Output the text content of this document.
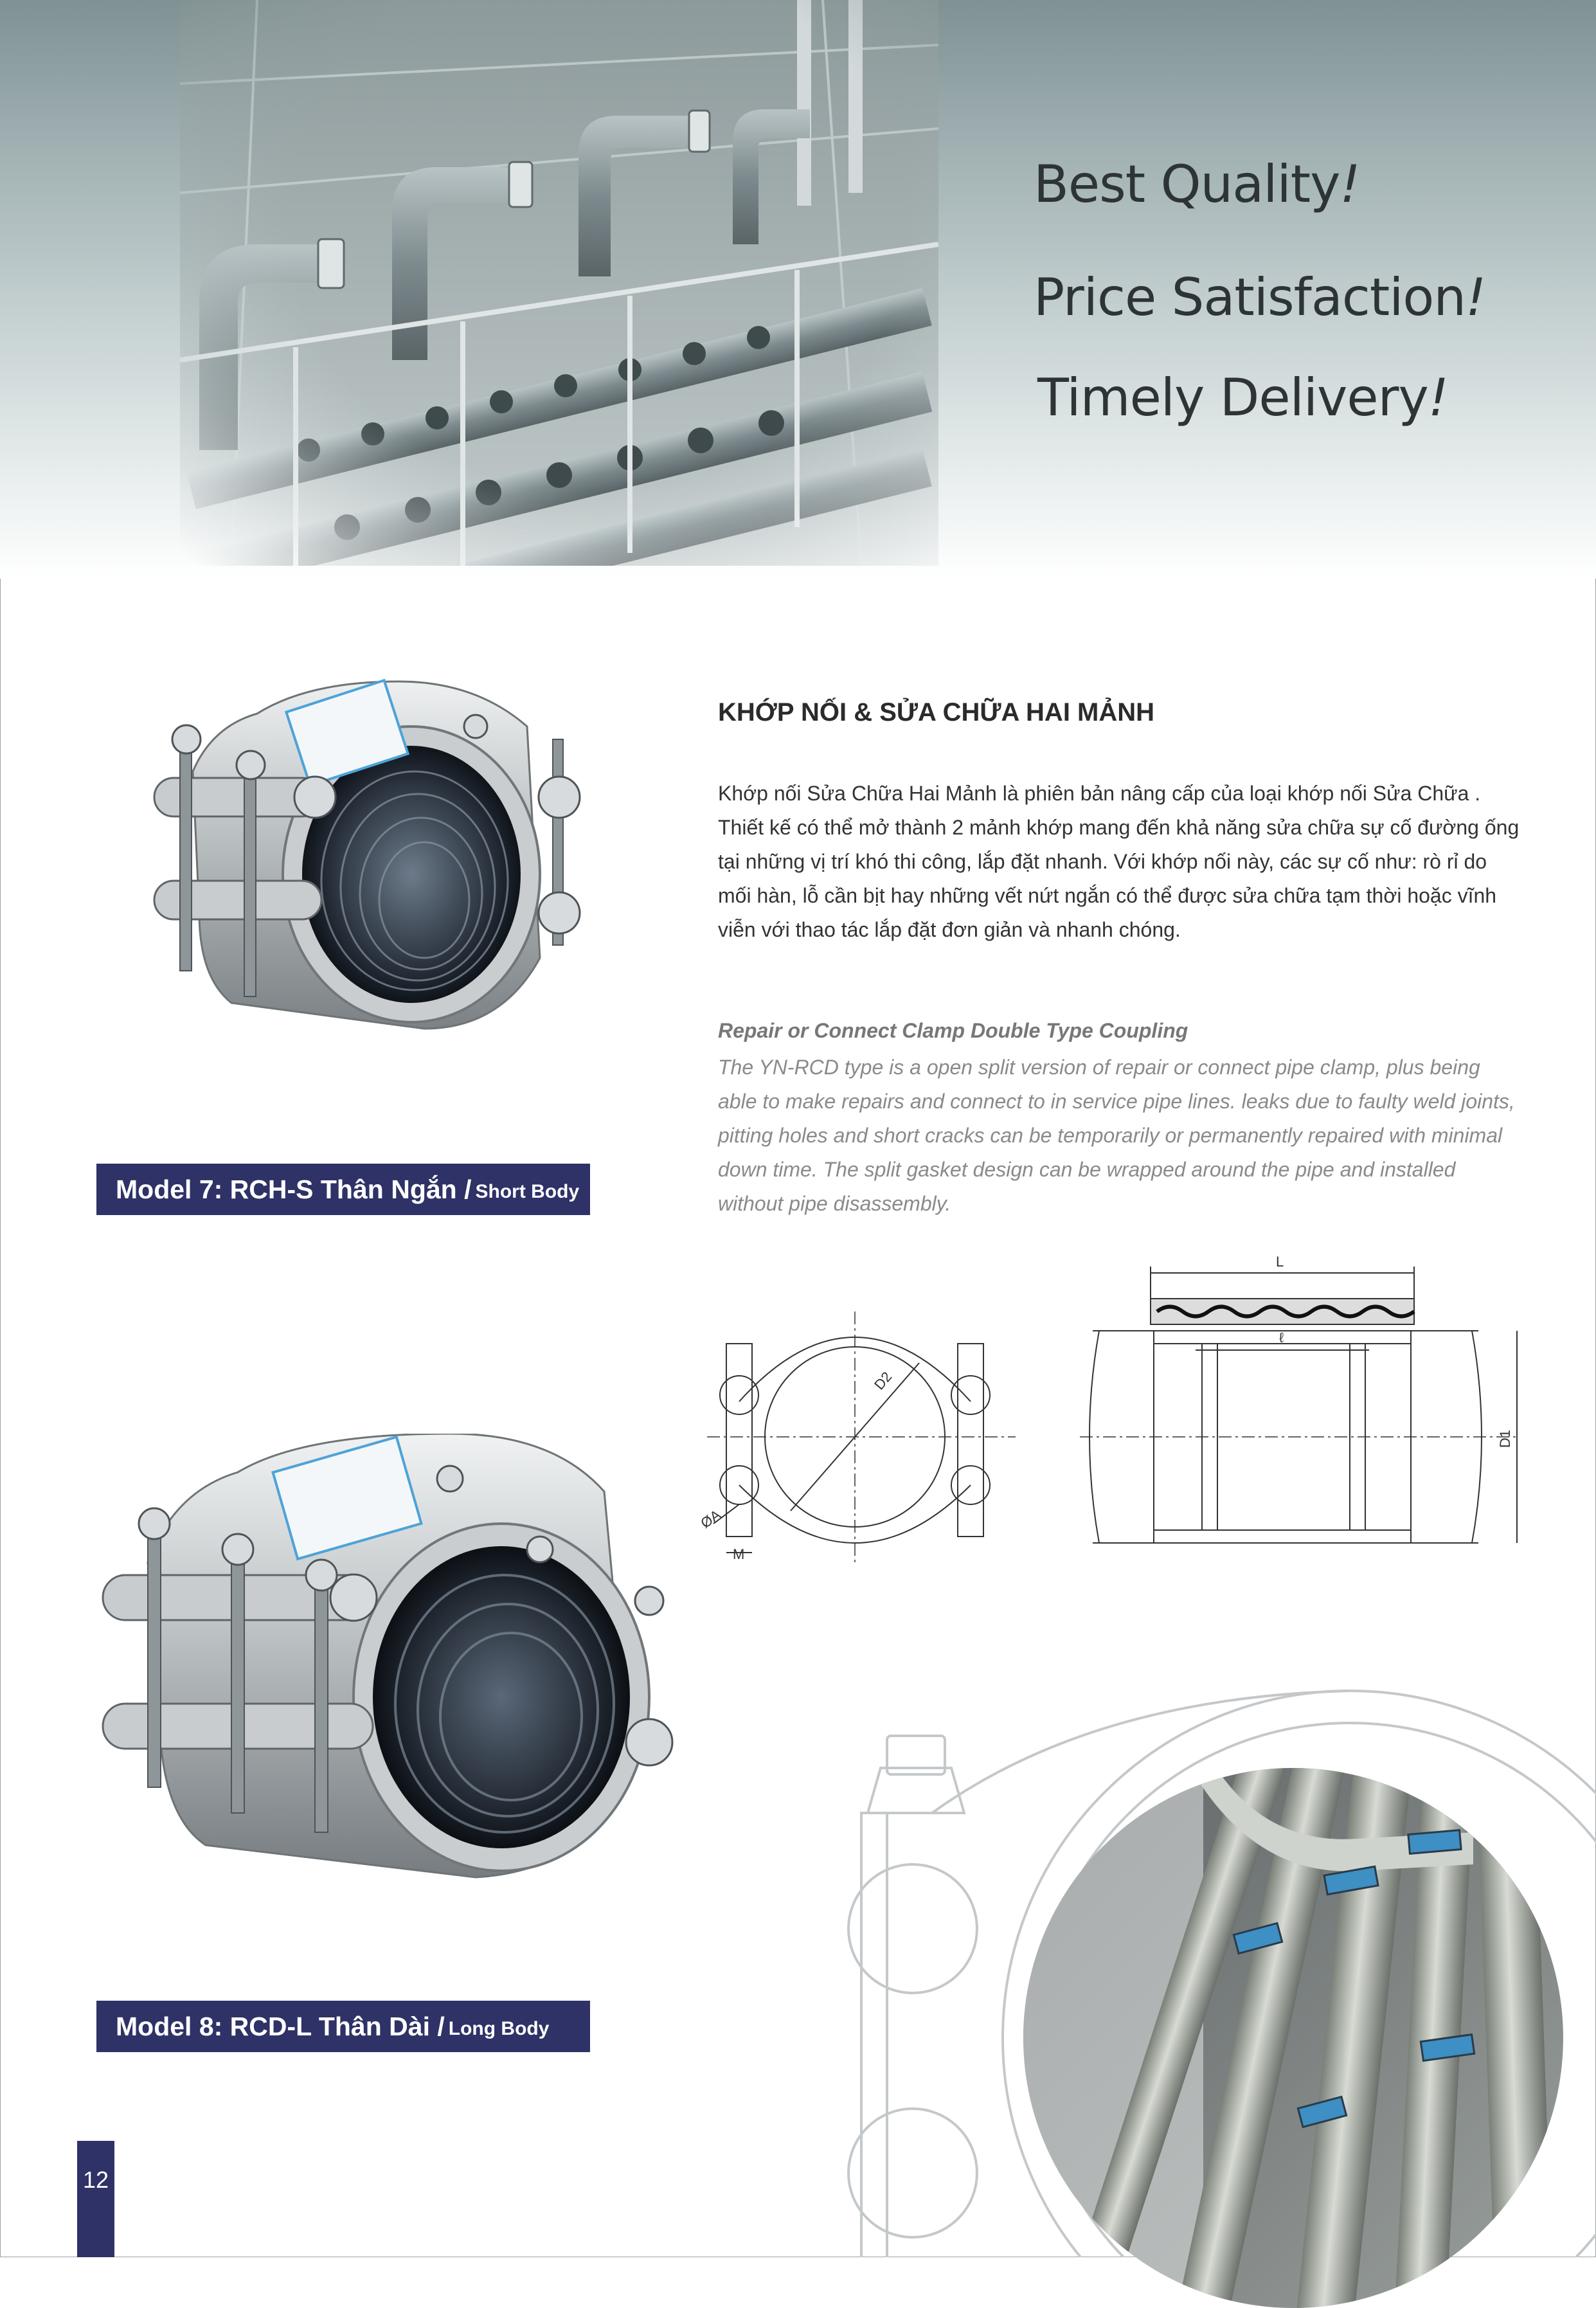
Best Quality!
Price Satisfaction!
Timely Delivery!
Model 7: RCH-S Thân Ngắn / Short Body
KHỚP NỐI & SỬA CHỮA HAI MẢNH
Khớp nối Sửa Chữa Hai Mảnh là phiên bản nâng cấp của loại khớp nối Sửa Chữa . Thiết kế có thể mở thành 2 mảnh khớp mang đến khả năng sửa chữa sự cố đường ống tại những vị trí khó thi công, lắp đặt nhanh. Với khớp nối này, các sự cố như: rò rỉ do mối hàn, lỗ cần bịt hay những vết nứt ngắn có thể được sửa chữa tạm thời hoặc vĩnh viễn với thao tác lắp đặt đơn giản và nhanh chóng.
Repair or Connect Clamp Double Type Coupling
The YN-RCD type is a open split version of repair or connect pipe clamp, plus being able to make repairs and connect to in service pipe lines. leaks due to faulty weld joints, pitting holes and short cracks can be temporarily or permanently repaired with minimal down time. The split gasket design can be wrapped around the pipe and installed without pipe disassembly.
D2
ØA
M
L
ℓ
D1
Model 8: RCD-L Thân Dài / Long Body
12
